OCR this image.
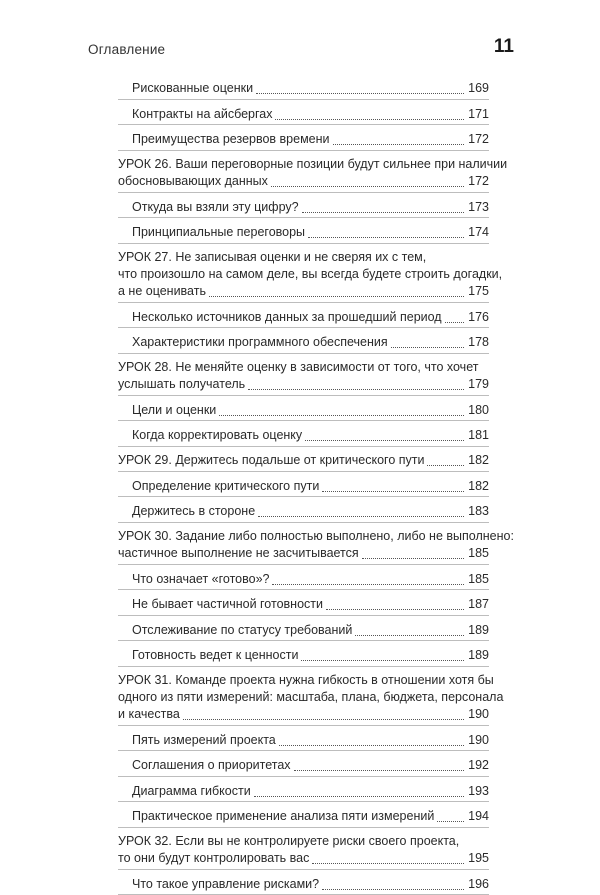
Оглавление	11
Рискованные оценки	169
Контракты на айсбергах	171
Преимущества резервов времени	172
УРОК 26. Ваши переговорные позиции будут сильнее при наличии
обосновывающих данных	172
Откуда вы взяли эту цифру?	173
Принципиальные переговоры	174
УРОК 27. Не записывая оценки и не сверяя их с тем,
что произошло на самом деле, вы всегда будете строить догадки,
а не оценивать	175
Несколько источников данных за прошедший период 176
Характеристики программного обеспечения	178
УРОК 28. Не меняйте оценку в зависимости от того, что хочет
услышать получатель	179
Цели и оценки	180
Когда корректировать оценку	181
УРОК 29. Держитесь подальше от критического пути	182
Определение критического пути	182
Держитесь в стороне	183
УРОК 30. Задание либо полностью выполнено, либо не выполнено:
частичное выполнение не засчитывается	185
Что означает «готово»?	185
Не бывает частичной готовности	187
Отслеживание по статусу требований	189
Готовность ведет к ценности	189
УРОК 31. Команде проекта нужна гибкость в отношении хотя бы
одного из пяти измерений: масштаба, плана, бюджета, персонала
и качества	190
Пять измерений проекта	190
Соглашения о приоритетах	192
Диаграмма гибкости	193
Практическое применение анализа пяти измерений	194
УРОК 32. Если вы не контролируете риски своего проекта,
то они будут контролировать вас	195
Что такое управление рисками?	196
